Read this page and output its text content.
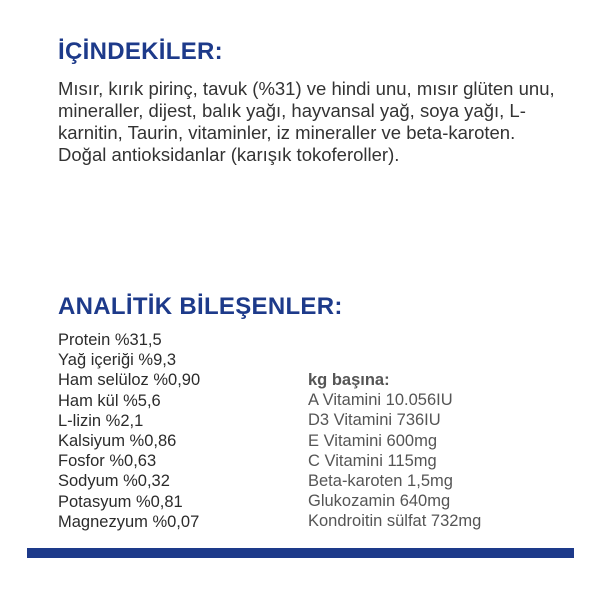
İÇİNDEKİLER:

Mısır, kırık pirinç, tavuk (%31) ve hindi unu, mısır glüten unu, mineraller, dijest, balık yağı, hayvansal yağ, soya yağı, L-karnitin, Taurin, vitaminler, iz mineraller ve beta-karoten. Doğal antioksidanlar (karışık tokoferoller).

ANALİTİK BİLEŞENLER:
Protein %31,5
Yağ içeriği %9,3
Ham selüloz %0,90
Ham kül %5,6
L-lizin %2,1
Kalsiyum %0,86
Fosfor %0,63
Sodyum %0,32
Potasyum %0,81
Magnezyum %0,07
kg başına:
A Vitamini 10.056IU
D3 Vitamini 736IU
E Vitamini 600mg
C Vitamini 115mg
Beta-karoten 1,5mg
Glukozamin 640mg
Kondroitin sülfat 732mg
